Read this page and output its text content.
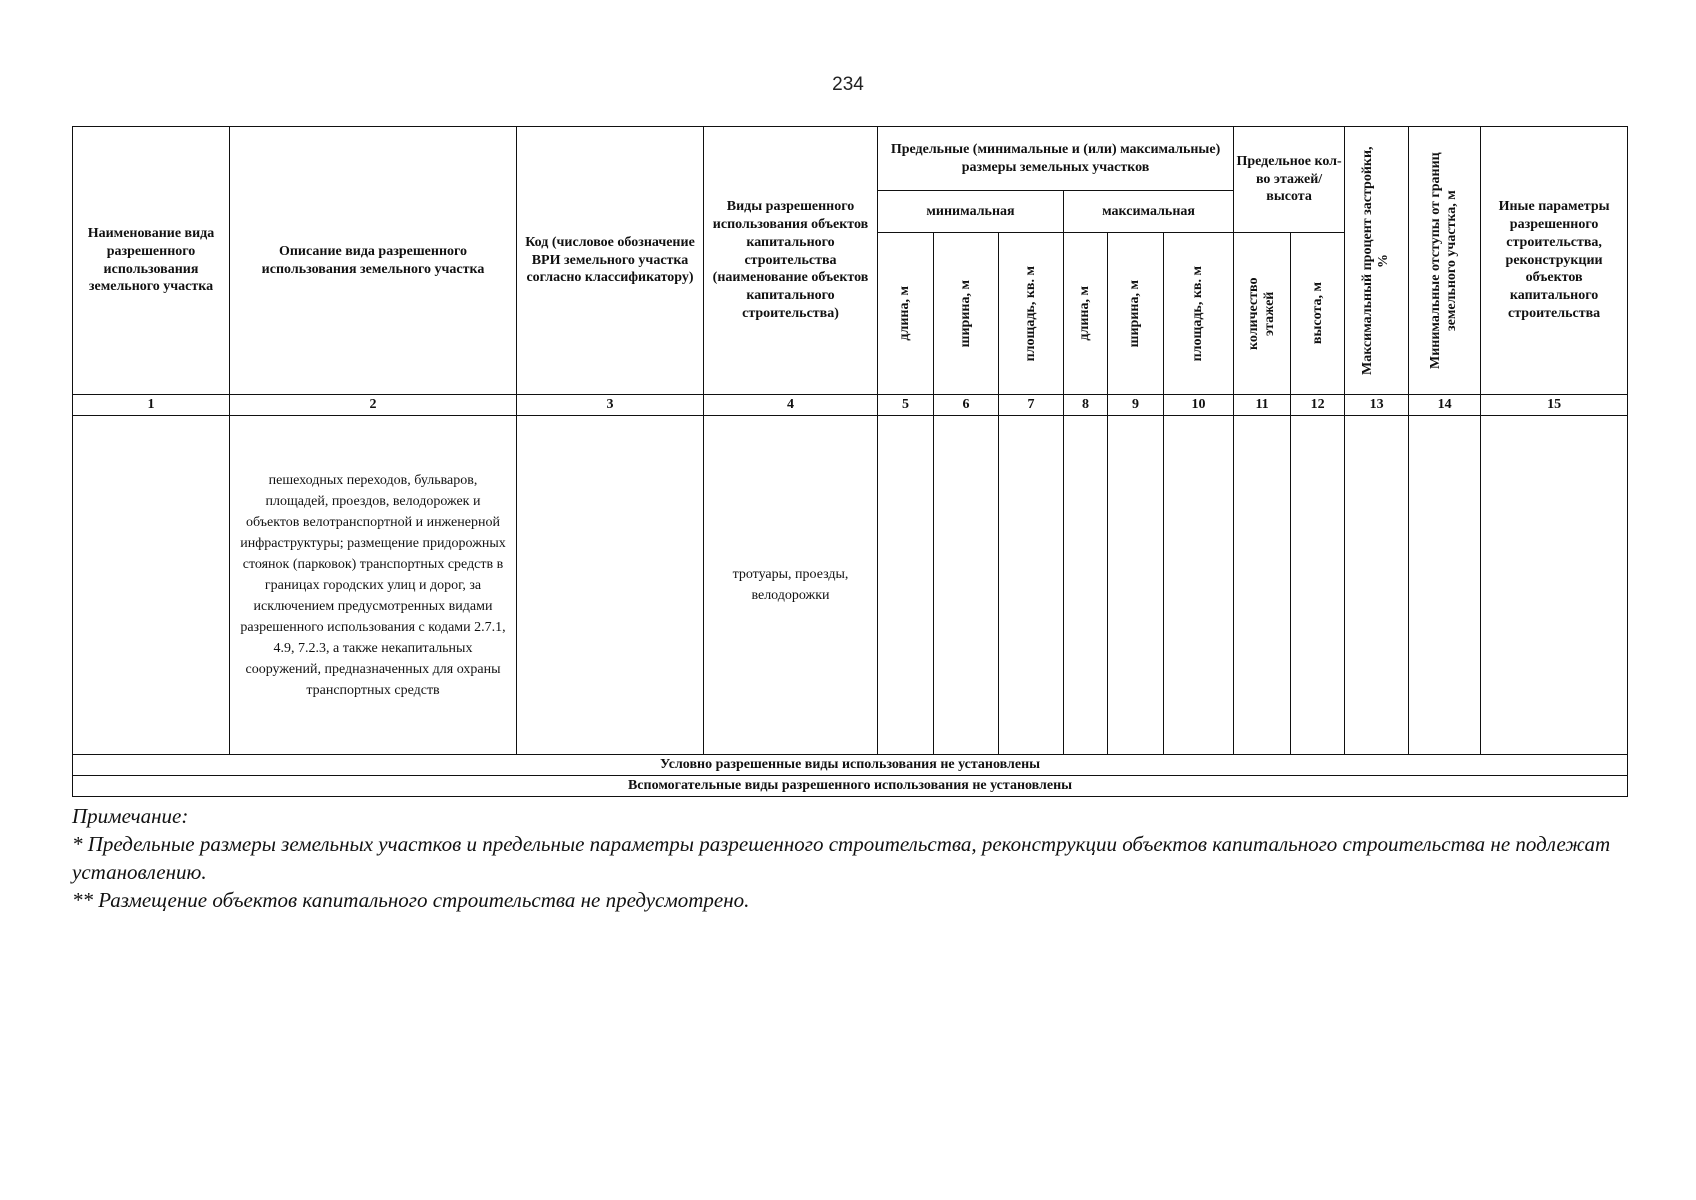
234
Наименование вида разрешенного использования земельного участка	Описание вида разрешенного использования земельного участка	Код (числовое обозначение ВРИ земельного участка согласно классификатору)	Виды разрешенного использования объектов капитального строительства (наименование объектов капитального строительства)	Предельные (минимальные и (или) максимальные) размеры земельных участков						Предельное кол-во этажей/ высота		Максимальный процент застройки, %	Минимальные отступы от границ земельного участка, м	Иные параметры разрешенного строительства, реконструкции объектов капитального строительства
				минимальная			максимальная							

				длина, м	ширина, м	площадь, кв. м	длина, м	ширина, м	площадь, кв. м	количество этажей	высота, м			

1	2	3	4	5	6	7	8	9	10	11	12	13	14	15

	пешеходных переходов, бульваров, площадей, проездов, велодорожек и объектов велотранспортной и инженерной инфраструктуры; размещение придорожных стоянок (парковок) транспортных средств в границах городских улиц и дорог, за исключением предусмотренных видами разрешенного использования с кодами 2.7.1, 4.9, 7.2.3, а также некапитальных сооружений, предназначенных для охраны транспортных средств		тротуары, проезды, велодорожки											

Условно разрешенные виды использования не установлены														
Вспомогательные виды разрешенного использования не установлены														

Примечание:

* Предельные размеры земельных участков и предельные параметры разрешенного строительства, реконструкции объектов капитального строительства не подлежат установлению.

** Размещение объектов капитального строительства не предусмотрено.
